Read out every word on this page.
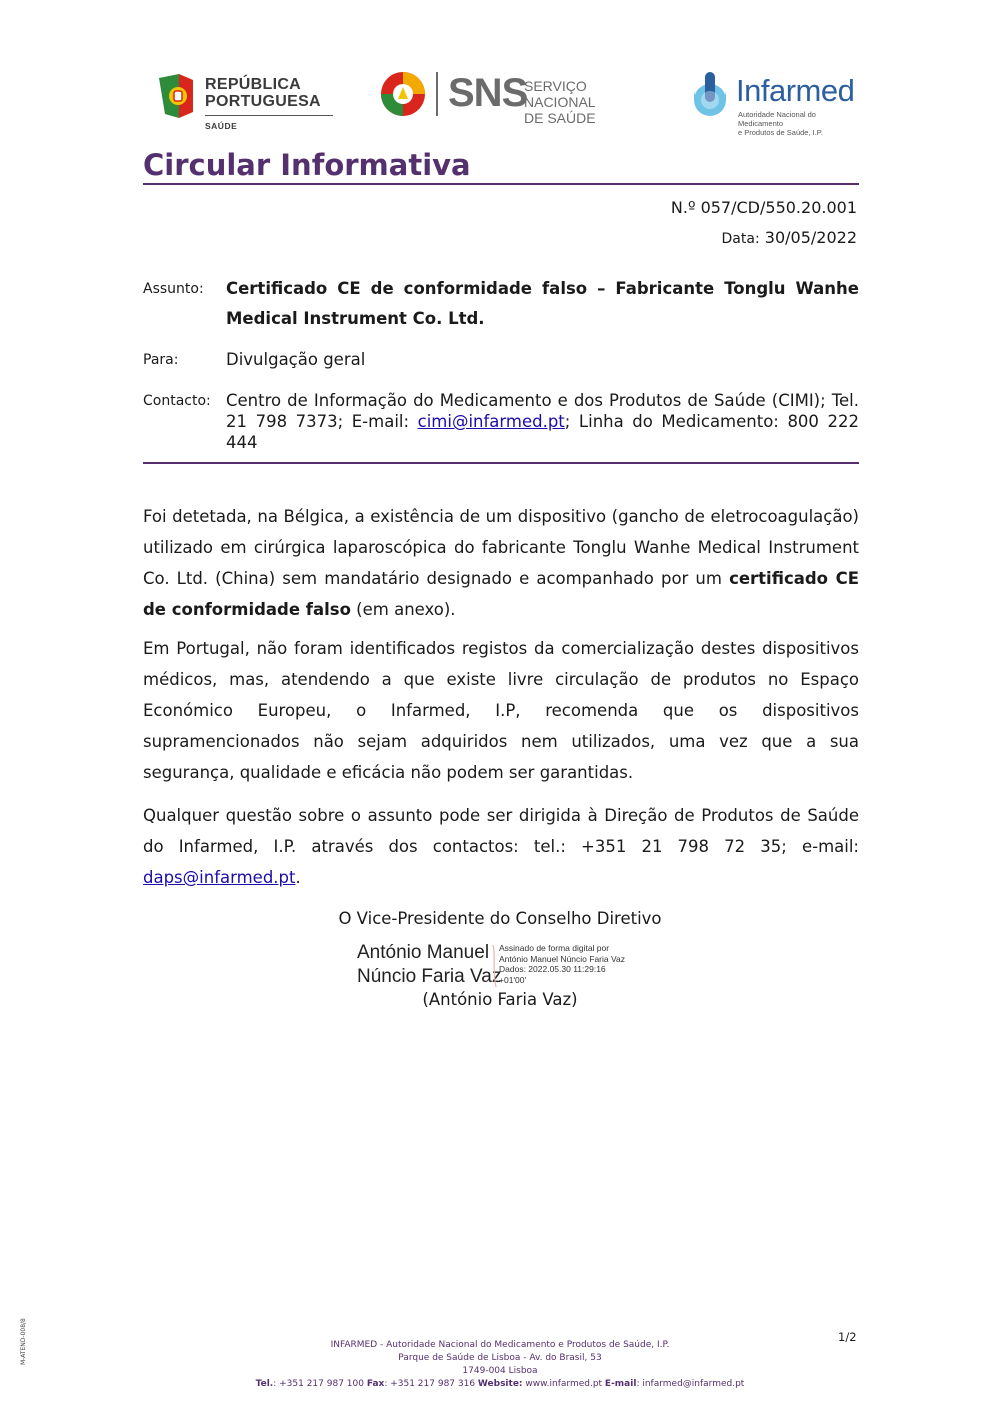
REPÚBLICA
PORTUGUESA
SAÚDE
SNS
SERVIÇO NACIONAL
DE SAÚDE
Infarmed
Autoridade Nacional do Medicamento
e Produtos de Saúde, I.P.
Circular Informativa
N.º 057/CD/550.20.001
Data: 30/05/2022
Assunto: Certificado CE de conformidade falso – Fabricante Tonglu Wanhe Medical Instrument Co. Ltd.
Para:	Divulgação geral
Contacto: Centro de Informação do Medicamento e dos Produtos de Saúde (CIMI); Tel. 21 798 7373; E-mail: cimi@infarmed.pt; Linha do Medicamento: 800 222 444
Foi detetada, na Bélgica, a existência de um dispositivo (gancho de eletrocoagulação) utilizado em cirúrgica laparoscópica do fabricante Tonglu Wanhe Medical Instrument Co. Ltd. (China) sem mandatário designado e acompanhado por um certificado CE de conformidade falso (em anexo).
Em Portugal, não foram identificados registos da comercialização destes dispositivos médicos, mas, atendendo a que existe livre circulação de produtos no Espaço Económico Europeu, o Infarmed, I.P, recomenda que os dispositivos supramencionados não sejam adquiridos nem utilizados, uma vez que a sua segurança, qualidade e eficácia não podem ser garantidas.
Qualquer questão sobre o assunto pode ser dirigida à Direção de Produtos de Saúde do Infarmed, I.P. através dos contactos: tel.: +351 21 798 72 35; e-mail: daps@infarmed.pt.
O Vice-Presidente do Conselho Diretivo
António Manuel
Núncio Faria Vaz
Assinado de forma digital por
António Manuel Núncio Faria Vaz
Dados: 2022.05.30 11:29:16
+01'00'
(António Faria Vaz)
M-ATEND-008/8	1/2
INFARMED - Autoridade Nacional do Medicamento e Produtos de Saúde, I.P.
Parque de Saúde de Lisboa - Av. do Brasil, 53
1749-004 Lisboa
Tel.: +351 217 987 100 Fax: +351 217 987 316 Website: www.infarmed.pt E-mail: infarmed@infarmed.pt
